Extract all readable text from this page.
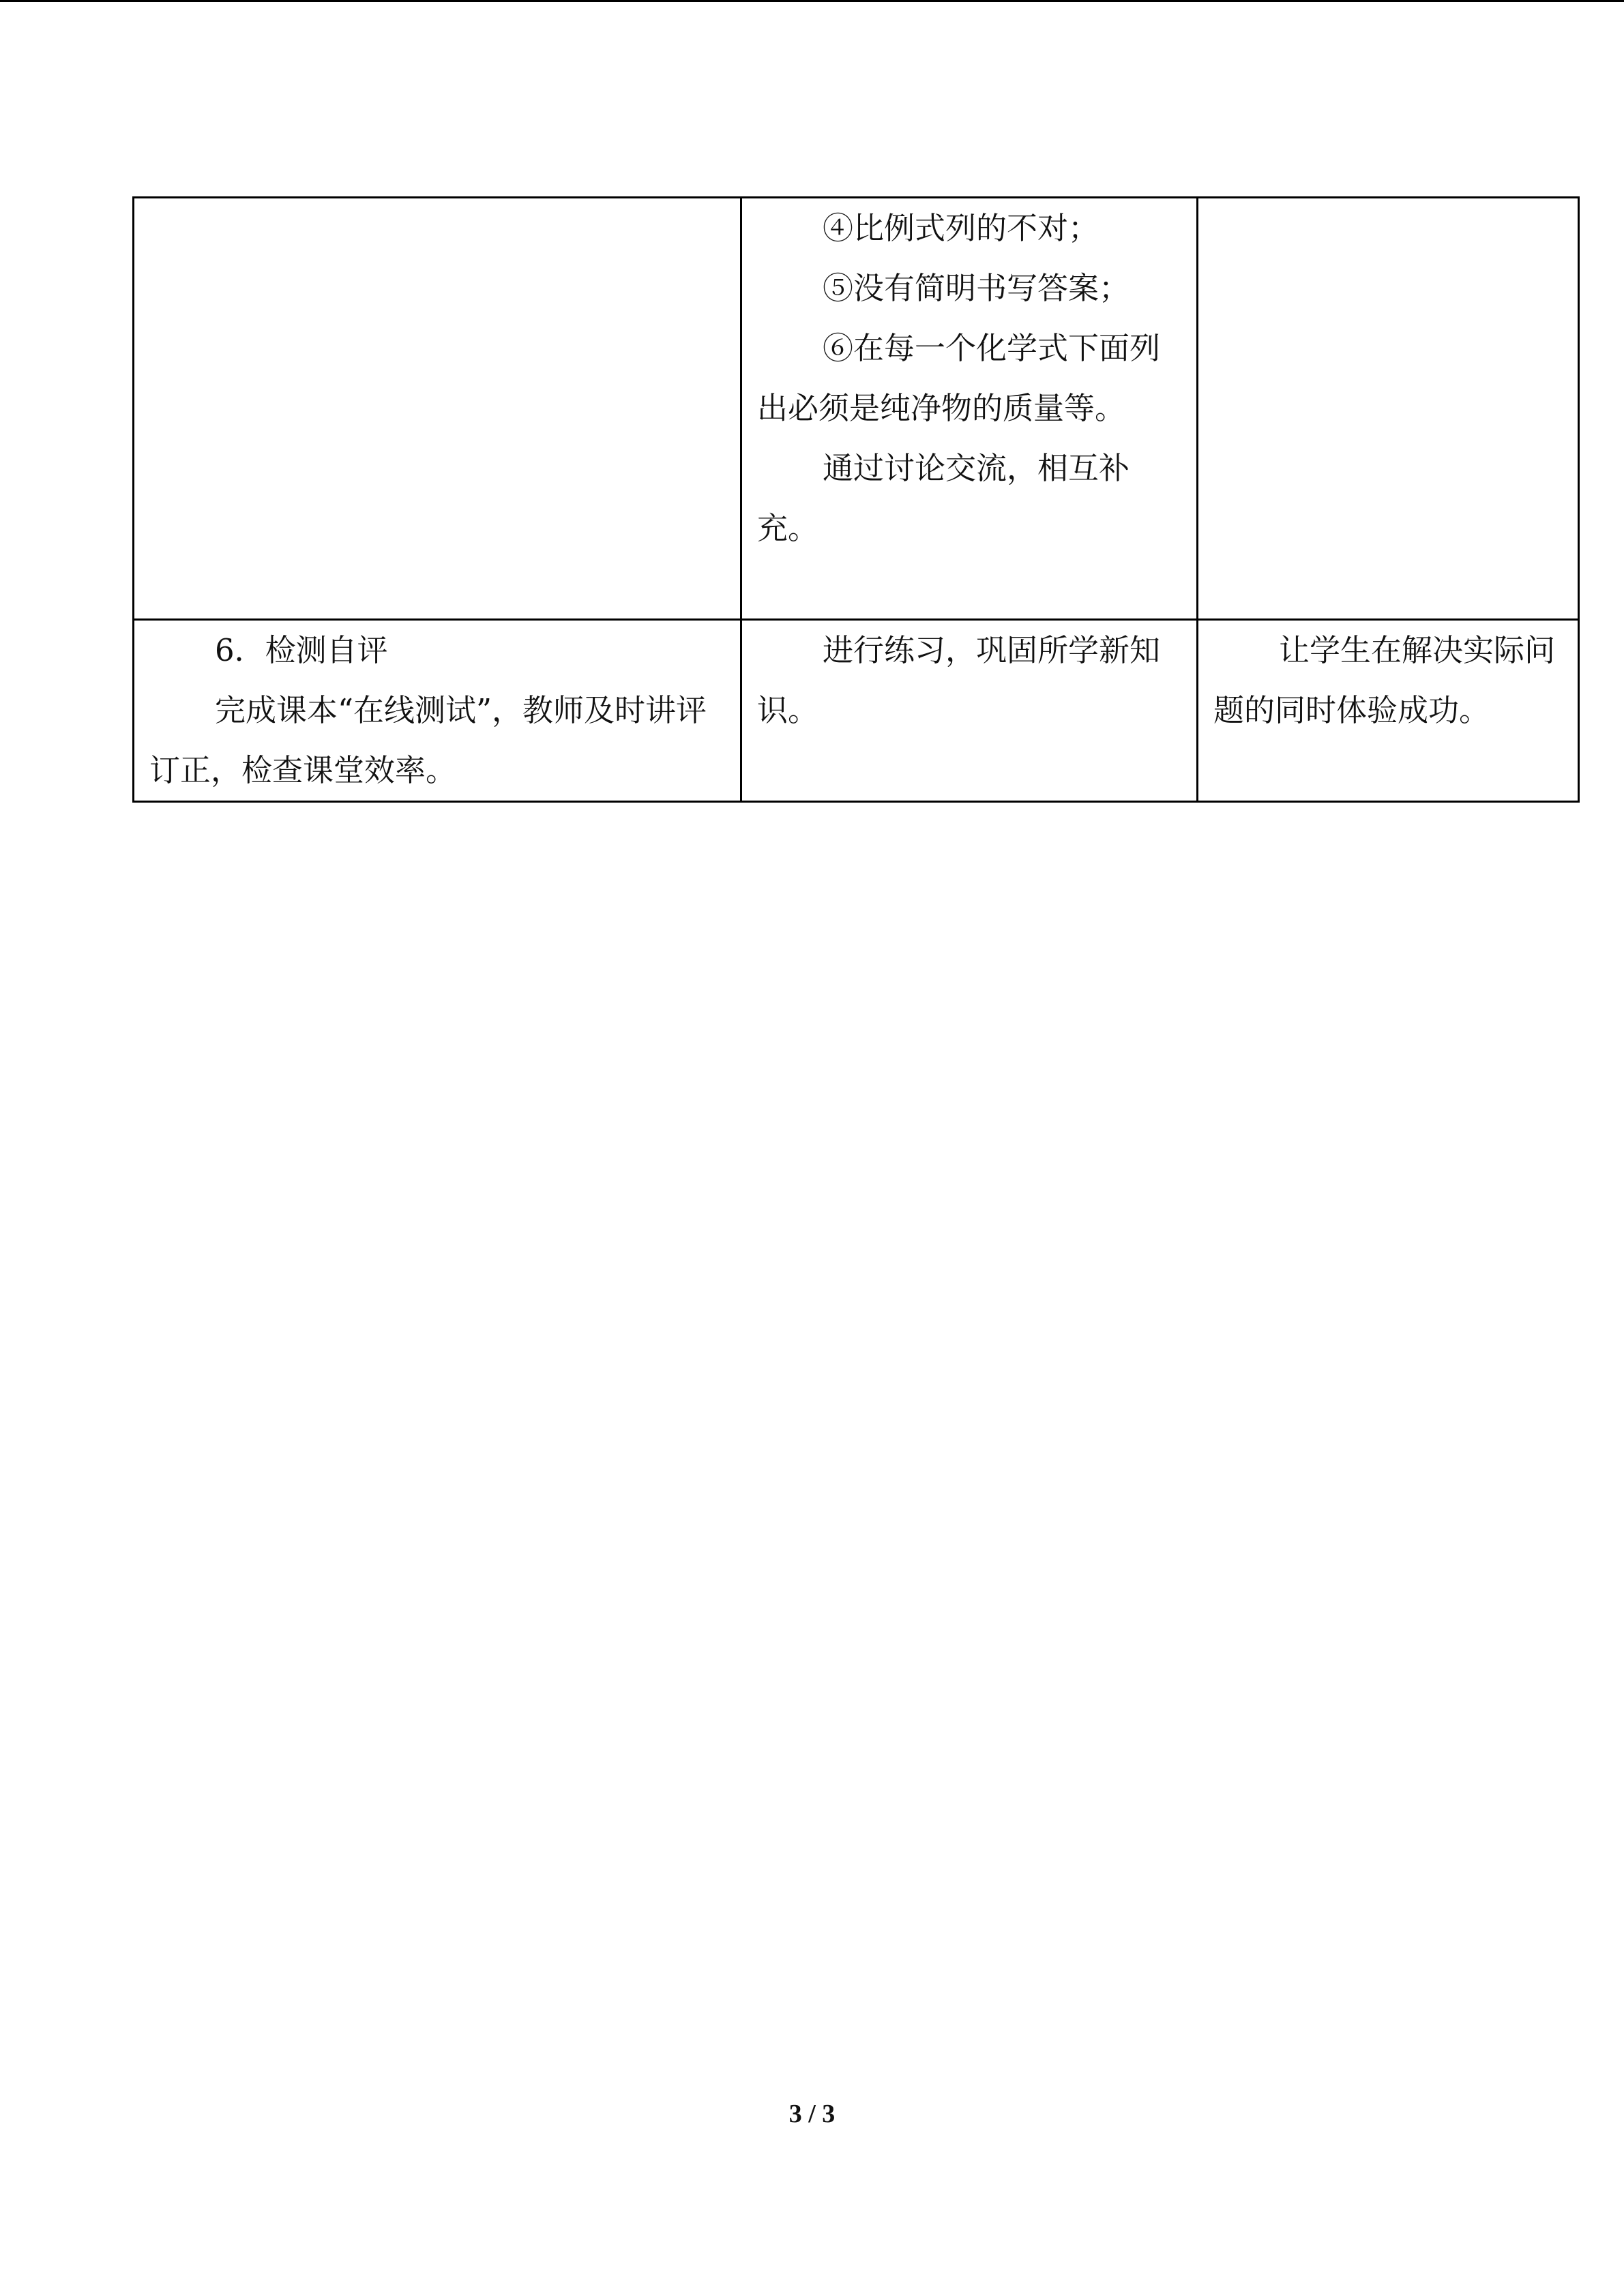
	④比例式列的不对；

⑤没有简明书写答案；

⑥在每一个化学式下面列出必须是纯净物的质量等。

通过讨论交流，相互补充。	

6．检测自评

完成课本“在线测试”，教师及时讲评订正，检查课堂效率。	进行练习，巩固所学新知识。	让学生在解决实际问题的同时体验成功。

3 / 3
